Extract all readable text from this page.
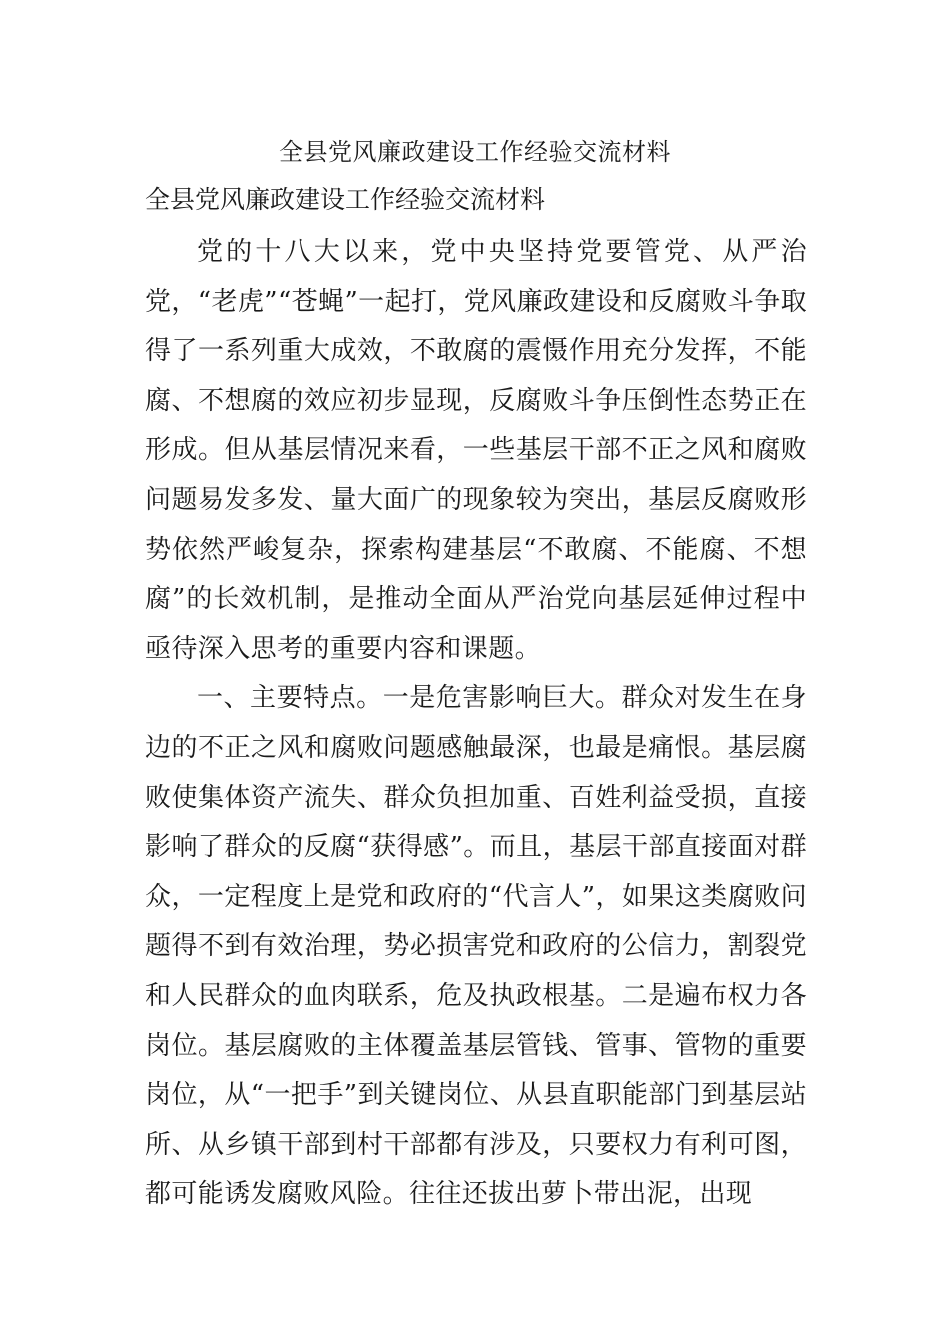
全县党风廉政建设工作经验交流材料
全县党风廉政建设工作经验交流材料

党的十八大以来，党中央坚持党要管党、从严治党，“老虎”“苍蝇”一起打，党风廉政建设和反腐败斗争取得了一系列重大成效，不敢腐的震慑作用充分发挥，不能腐、不想腐的效应初步显现，反腐败斗争压倒性态势正在形成。但从基层情况来看，一些基层干部不正之风和腐败问题易发多发、量大面广的现象较为突出，基层反腐败形势依然严峻复杂，探索构建基层“不敢腐、不能腐、不想腐”的长效机制，是推动全面从严治党向基层延伸过程中亟待深入思考的重要内容和课题。

一、主要特点。一是危害影响巨大。群众对发生在身边的不正之风和腐败问题感触最深，也最是痛恨。基层腐败使集体资产流失、群众负担加重、百姓利益受损，直接影响了群众的反腐“获得感”。而且，基层干部直接面对群众，一定程度上是党和政府的“代言人”，如果这类腐败问题得不到有效治理，势必损害党和政府的公信力，割裂党和人民群众的血肉联系，危及执政根基。二是遍布权力各岗位。基层腐败的主体覆盖基层管钱、管事、管物的重要岗位，从“一把手”到关键岗位、从县直职能部门到基层站所、从乡镇干部到村干部都有涉及，只要权力有利可图，都可能诱发腐败风险。往往还拔出萝卜带出泥，出现
